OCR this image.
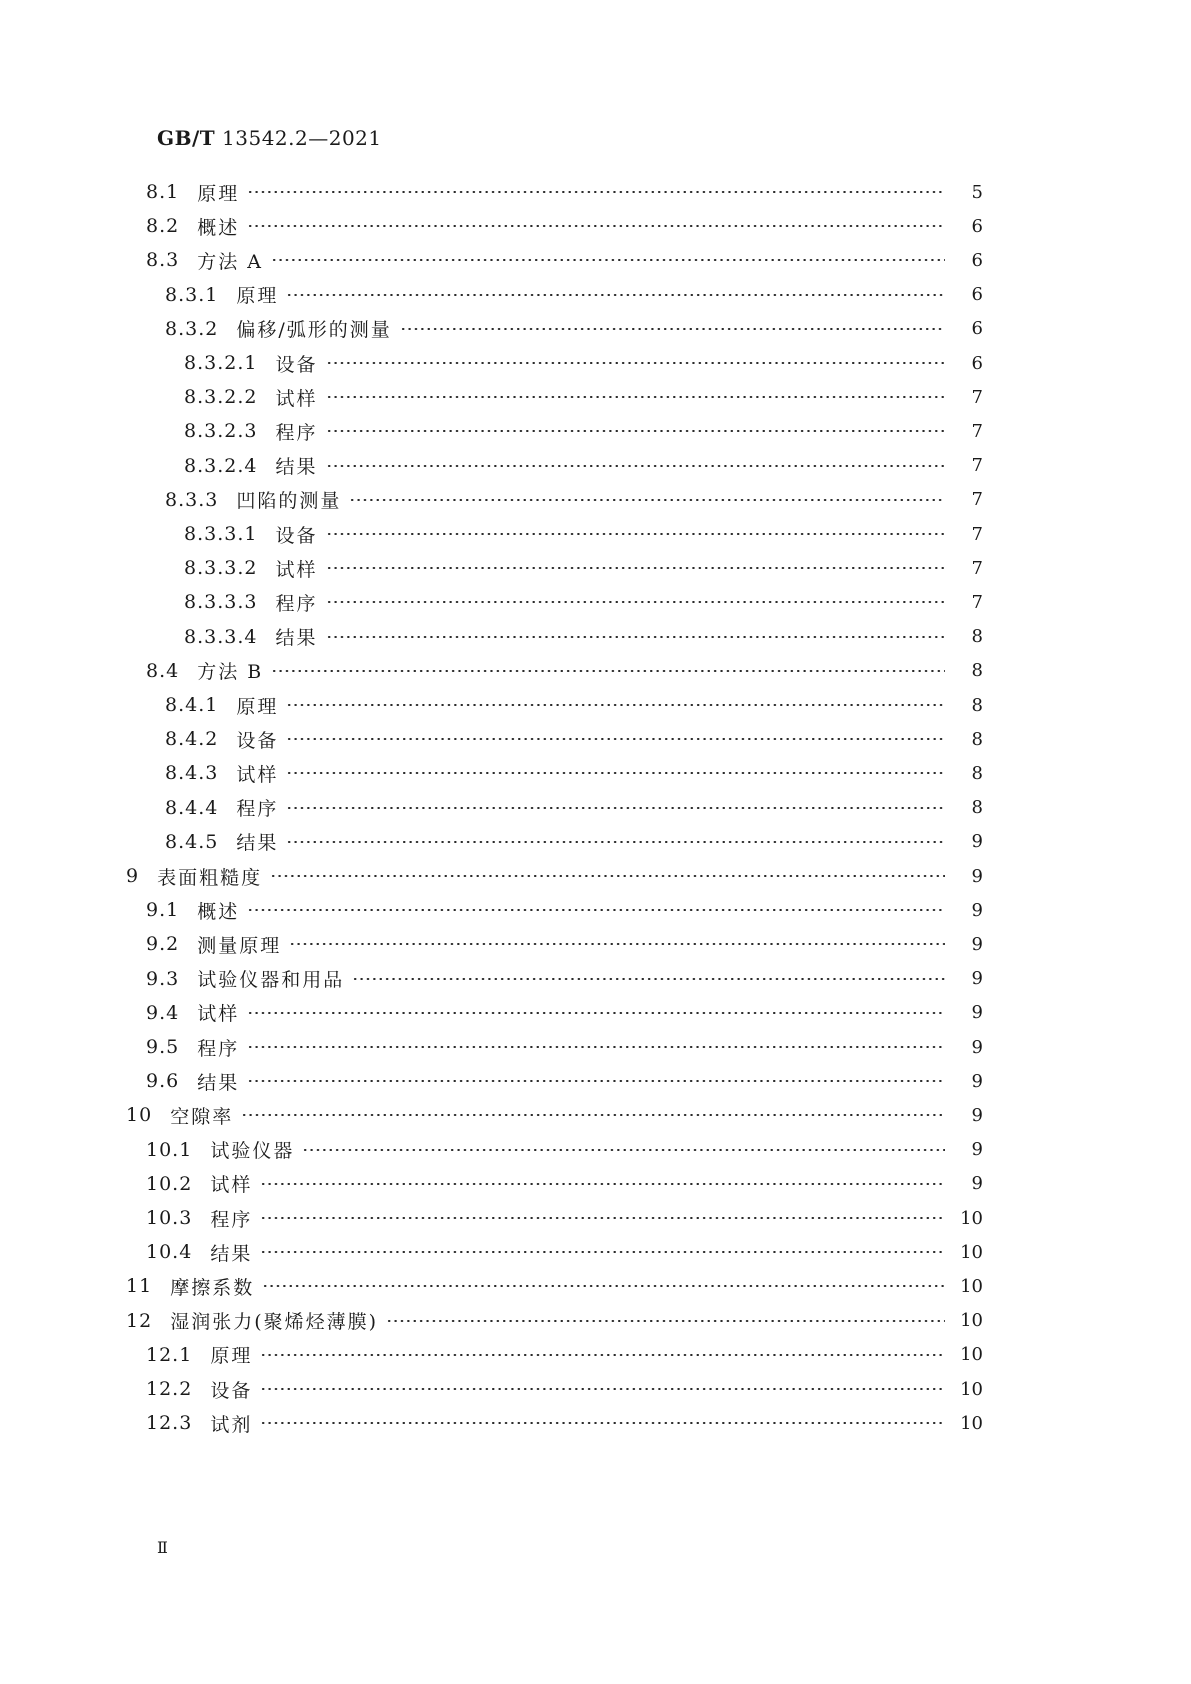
GB/T 13542.2—2021
8.1 原理	5
8.2 概述	6
8.3 方法 A	6
8.3.1 原理	6
8.3.2 偏移/弧形的测量	6
8.3.2.1 设备	6
8.3.2.2 试样	7
8.3.2.3 程序	7
8.3.2.4 结果	7
8.3.3 凹陷的测量	7
8.3.3.1 设备	7
8.3.3.2 试样	7
8.3.3.3 程序	7
8.3.3.4 结果	8
8.4 方法 B	8
8.4.1 原理	8
8.4.2 设备	8
8.4.3 试样	8
8.4.4 程序	8
8.4.5 结果	9
9 表面粗糙度	9
9.1 概述	9
9.2 测量原理	9
9.3 试验仪器和用品	9
9.4 试样	9
9.5 程序	9
9.6 结果	9
10 空隙率	9
10.1 试验仪器	9
10.2 试样	9
10.3 程序	10
10.4 结果	10
11 摩擦系数	10
12 湿润张力(聚烯烃薄膜)	10
12.1 原理	10
12.2 设备	10
12.3 试剂	10
Ⅱ
